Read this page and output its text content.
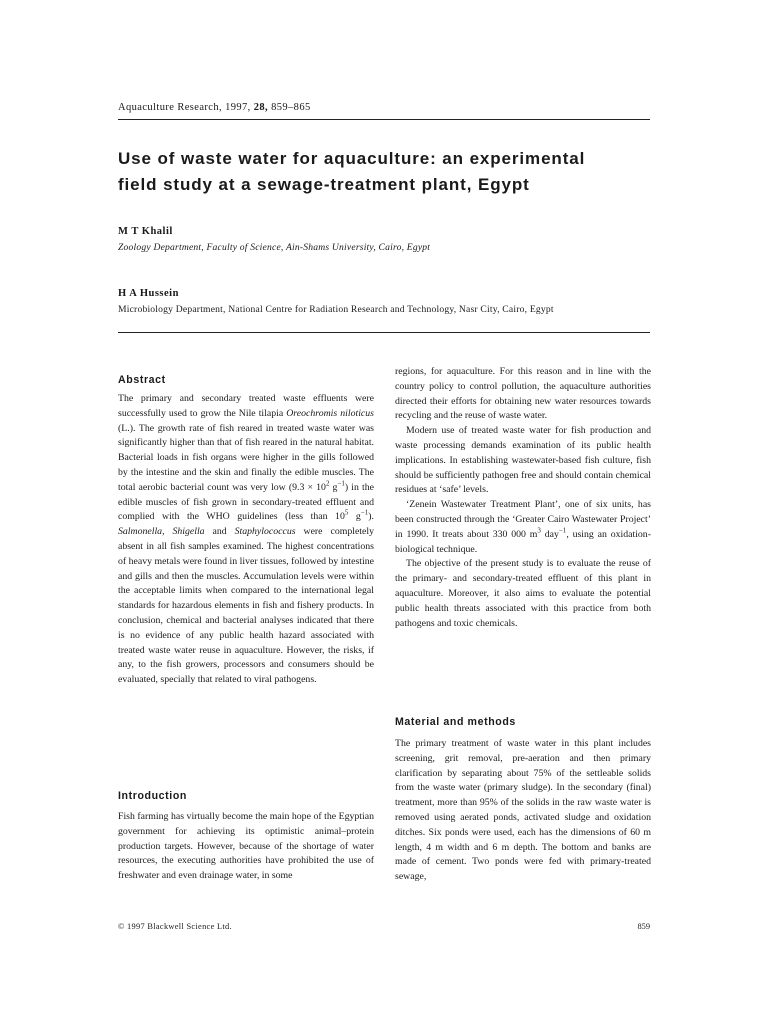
Aquaculture Research, 1997, 28, 859–865
Use of waste water for aquaculture: an experimental
field study at a sewage-treatment plant, Egypt
M T Khalil
Zoology Department, Faculty of Science, Ain-Shams University, Cairo, Egypt
H A Hussein
Microbiology Department, National Centre for Radiation Research and Technology, Nasr City, Cairo, Egypt
Abstract

The primary and secondary treated waste effluents were successfully used to grow the Nile tilapia Oreochromis niloticus (L.). The growth rate of fish reared in treated waste water was significantly higher than that of fish reared in the natural habitat. Bacterial loads in fish organs were higher in the gills followed by the intestine and the skin and finally the edible muscles. The total aerobic bacterial count was very low ($9.3 \times 10^2$ $g^{-1}$) in the edible muscles of fish grown in secondary-treated effluent and complied with the WHO guidelines (less than $10^5$ $g^{-1}$). Salmonella, Shigella and Staphylococcus were completely absent in all fish samples examined. The highest concentrations of heavy metals were found in liver tissues, followed by intestine and gills and then the muscles. Accumulation levels were within the acceptable limits when compared to the international legal standards for hazardous elements in fish and fishery products. In conclusion, chemical and bacterial analyses indicated that there is no evidence of any public health hazard associated with treated waste water reuse in aquaculture. However, the risks, if any, to the fish growers, processors and consumers should be evaluated, specially that related to viral pathogens.

Introduction

Fish farming has virtually become the main hope of the Egyptian government for achieving its optimistic animal–protein production targets. However, because of the shortage of water resources, the executing authorities have prohibited the use of freshwater and even drainage water, in some

regions, for aquaculture. For this reason and in line with the country policy to control pollution, the aquaculture authorities directed their efforts for obtaining new water resources towards recycling and the reuse of waste water.

Modern use of treated waste water for fish production and waste processing demands examination of its public health implications. In establishing wastewater-based fish culture, fish should be sufficiently pathogen free and should contain chemical residues at ‘safe’ levels.

‘Zenein Wastewater Treatment Plant’, one of six units, has been constructed through the ‘Greater Cairo Wastewater Project’ in 1990. It treats about 330 000 $m^3$ day$^{-1}$, using an oxidation-biological technique.

The objective of the present study is to evaluate the reuse of the primary- and secondary-treated effluent of this plant in aquaculture. Moreover, it also aims to evaluate the potential public health threats associated with this practice from both pathogens and toxic chemicals.

Material and methods

The primary treatment of waste water in this plant includes screening, grit removal, pre-aeration and then primary clarification by separating about 75% of the settleable solids from the waste water (primary sludge). In the secondary (final) treatment, more than 95% of the solids in the raw waste water is removed using aerated ponds, activated sludge and oxidation ditches. Six ponds were used, each has the dimensions of 60 m length, 4 m width and 6 m depth. The bottom and banks are made of cement. Two ponds were fed with primary-treated sewage,

© 1997 Blackwell Science Ltd.	859
